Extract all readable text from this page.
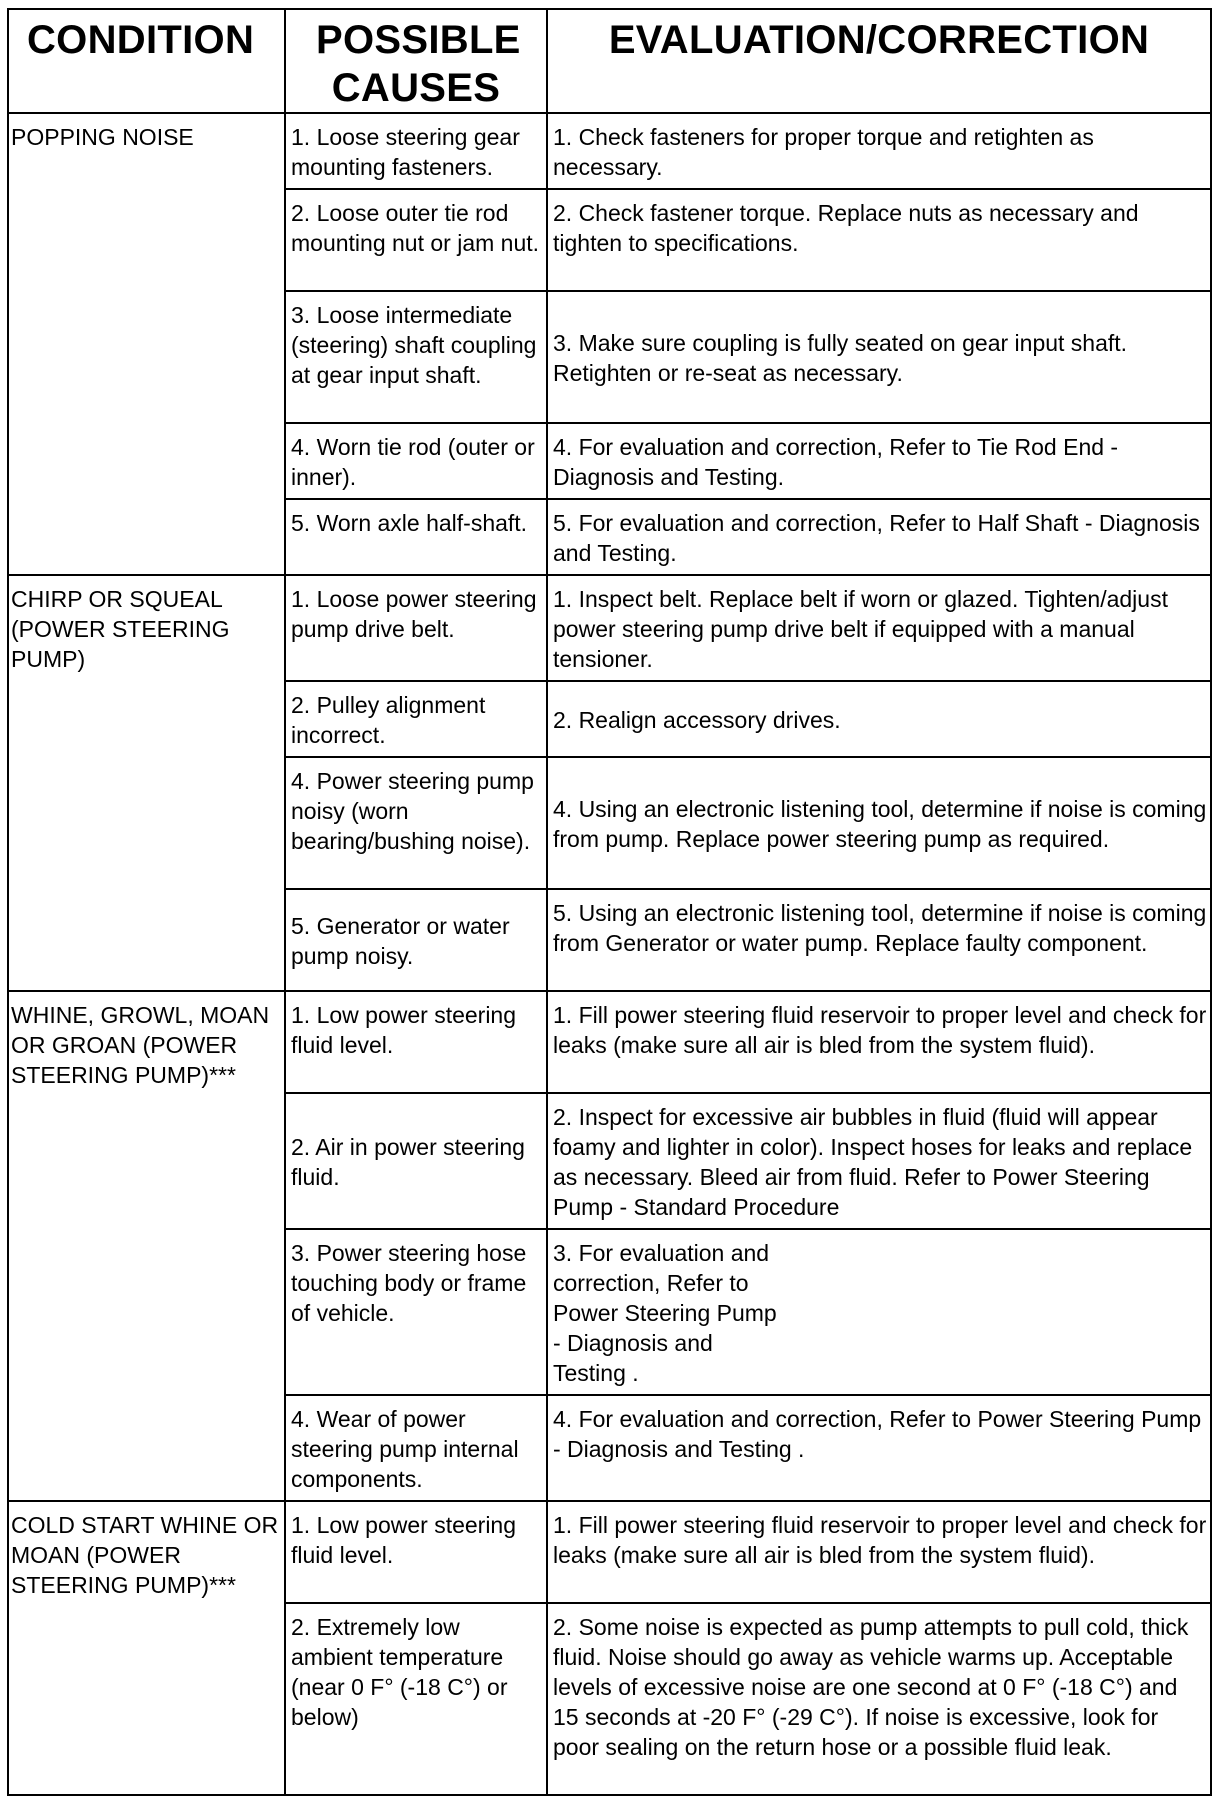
CONDITION	POSSIBLE CAUSES	EVALUATION/CORRECTION
POPPING NOISE	1. Loose steering gear mounting fasteners.	1. Check fasteners for proper torque and retighten as necessary.
	2. Loose outer tie rod mounting nut or jam nut.	2. Check fastener torque. Replace nuts as necessary and tighten to specifications.
	3. Loose intermediate (steering) shaft coupling at gear input shaft.	3. Make sure coupling is fully seated on gear input shaft. Retighten or re-seat as necessary.
	4. Worn tie rod (outer or inner).	4. For evaluation and correction, Refer to Tie Rod End - Diagnosis and Testing.
	5. Worn axle half-shaft.	5. For evaluation and correction, Refer to Half Shaft - Diagnosis and Testing.
CHIRP OR SQUEAL (POWER STEERING PUMP)	1. Loose power steering pump drive belt.	1. Inspect belt. Replace belt if worn or glazed. Tighten/adjust power steering pump drive belt if equipped with a manual tensioner.
	2. Pulley alignment incorrect.	2. Realign accessory drives.
	4. Power steering pump noisy (worn bearing/bushing noise).	4. Using an electronic listening tool, determine if noise is coming from pump. Replace power steering pump as required.
	5. Generator or water pump noisy.	5. Using an electronic listening tool, determine if noise is coming from Generator or water pump. Replace faulty component.
WHINE, GROWL, MOAN OR GROAN (POWER STEERING PUMP)***	1. Low power steering fluid level.	1. Fill power steering fluid reservoir to proper level and check for leaks (make sure all air is bled from the system fluid).
	2. Air in power steering fluid.	2. Inspect for excessive air bubbles in fluid (fluid will appear foamy and lighter in color). Inspect hoses for leaks and replace as necessary. Bleed air from fluid. Refer to Power Steering Pump - Standard Procedure
	3. Power steering hose touching body or frame of vehicle.	3. For evaluation and correction, Refer to Power Steering Pump - Diagnosis and Testing .

	4. Wear of power steering pump internal components.	4. For evaluation and correction, Refer to Power Steering Pump - Diagnosis and Testing .
COLD START WHINE OR MOAN (POWER STEERING PUMP)***	1. Low power steering fluid level.	1. Fill power steering fluid reservoir to proper level and check for leaks (make sure all air is bled from the system fluid).
	2. Extremely low ambient temperature (near 0 F° (-18 C°) or below)	2. Some noise is expected as pump attempts to pull cold, thick fluid. Noise should go away as vehicle warms up. Acceptable levels of excessive noise are one second at 0 F° (-18 C°) and 15 seconds at -20 F° (-29 C°). If noise is excessive, look for poor sealing on the return hose or a possible fluid leak.
